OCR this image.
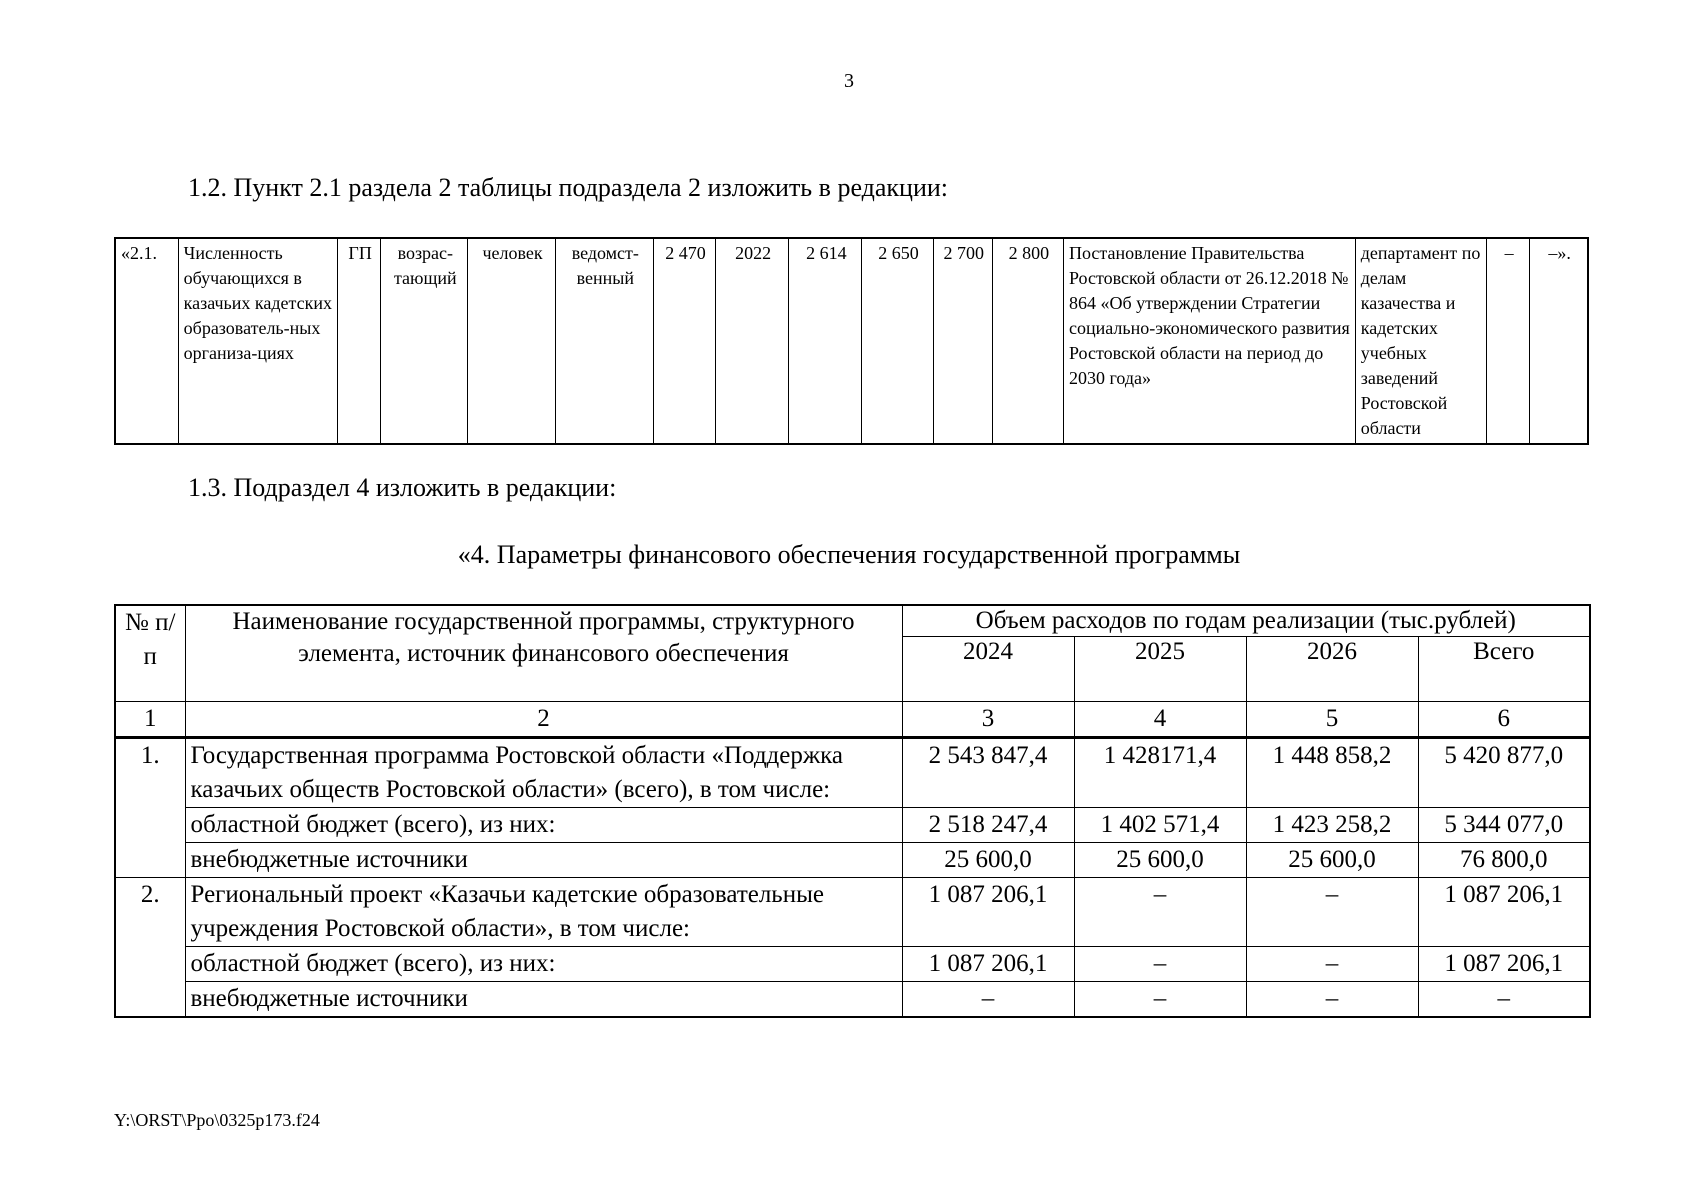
3
1.2. Пункт 2.1 раздела 2 таблицы подраздела 2 изложить в редакции:
«2.1.	Численность обучающихся в казачьих кадетских образователь-ных организа-циях	ГП	возрас-тающий	человек	ведомст-венный	2 470	2022	2 614	2 650	2 700	2 800	Постановление Правительства Ростовской области от 26.12.2018 № 864 «Об утверждении Стратегии социально-экономического развития Ростовской области на период до 2030 года»	департамент по делам казачества и кадетских учебных заведений Ростовской области	–	–».
1.3. Подраздел 4 изложить в редакции:
«4. Параметры финансового обеспечения государственной программы
№ п/п	Наименование государственной программы, структурного элемента, источник финансового обеспечения	Объем расходов по годам реализации (тыс.рублей)			
		2024	2025	2026	Всего
1	2	3	4	5	6
1.	Государственная программа Ростовской области «Поддержка казачьих обществ Ростовской области» (всего), в том числе:	2 543 847,4	1 428171,4	1 448 858,2	5 420 877,0
	областной бюджет (всего), из них:	2 518 247,4	1 402 571,4	1 423 258,2	5 344 077,0
	внебюджетные источники	25 600,0	25 600,0	25 600,0	76 800,0
2.	Региональный проект «Казачьи кадетские образовательные учреждения Ростовской области», в том числе:	1 087 206,1	–	–	1 087 206,1
	областной бюджет (всего), из них:	1 087 206,1	–	–	1 087 206,1
	внебюджетные источники	–	–	–	–
Y:\ORST\Ppo\0325p173.f24
